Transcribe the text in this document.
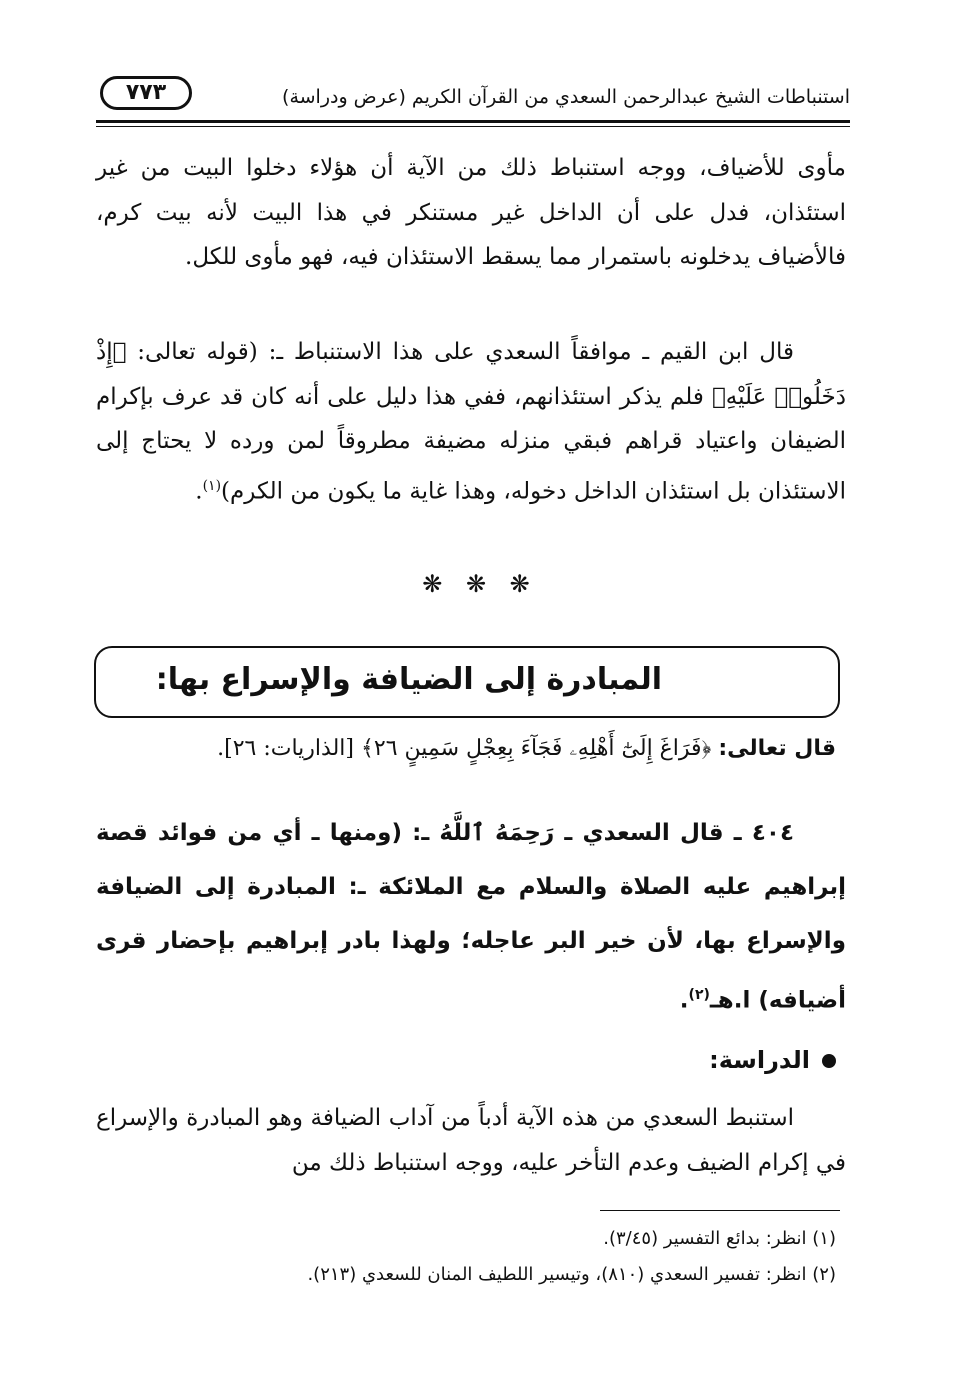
استنباطات الشيخ عبدالرحمن السعدي من القرآن الكريم (عرض ودراسة)
٧٧٣
مأوى للأضياف، ووجه استنباط ذلك من الآية أن هؤلاء دخلوا البيت من غير استئذان، فدل على أن الداخل غير مستنكر في هذا البيت لأنه بيت كرم، فالأضياف يدخلونه باستمرار مما يسقط الاستئذان فيه، فهو مأوى للكل.
قال ابن القيم ـ موافقاً السعدي على هذا الاستنباط ـ: (قوله تعالى: ﴿إِذْ دَخَلُوا۟ عَلَيْهِ﴾ فلم يذكر استئذانهم، ففي هذا دليل على أنه كان قد عرف بإكرام الضيفان واعتياد قراهم فبقي منزله مضيفة مطروقاً لمن ورده لا يحتاج إلى الاستئذان بل استئذان الداخل دخوله، وهذا غاية ما يكون من الكرم)$^{(١)}$.
❋ ❋ ❋
المبادرة إلى الضيافة والإسراع بها:
قال تعالى: ﴿فَرَاغَ إِلَىٰٓ أَهْلِهِۦ فَجَآءَ بِعِجْلٍ سَمِينٍ ٢٦﴾ [الذاريات: ٢٦].
٤٠٤ ـ قال السعدي ـ رَحِمَهُ ٱللَّهُ ـ: (ومنها ـ أي من فوائد قصة إبراهيم عليه الصلاة والسلام مع الملائكة ـ: المبادرة إلى الضيافة والإسراع بها، لأن خير البر عاجله؛ ولهذا بادر إبراهيم بإحضار قرى أضيافه) ا.هـ$^{(٢)}$.
الدراسة:
استنبط السعدي من هذه الآية أدباً من آداب الضيافة وهو المبادرة والإسراع في إكرام الضيف وعدم التأخر عليه، ووجه استنباط ذلك من
(١) انظر: بدائع التفسير (٣/٤٥).
(٢) انظر: تفسير السعدي (٨١٠)، وتيسير اللطيف المنان للسعدي (٢١٣).
